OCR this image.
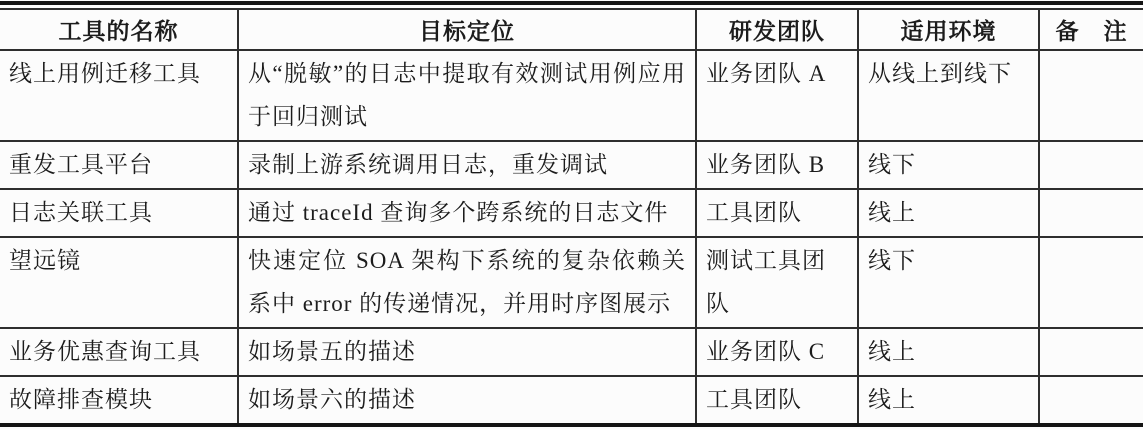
工具的名称	目标定位	研发团队	适用环境	备　注
线上用例迁移工具	从“脱敏”的日志中提取有效测试用例应用于回归测试	业务团队 A	从线上到线下	
重发工具平台	录制上游系统调用日志，重发调试	业务团队 B	线下	
日志关联工具	通过 traceId 查询多个跨系统的日志文件	工具团队	线上	
望远镜	快速定位 SOA 架构下系统的复杂依赖关系中 error 的传递情况，并用时序图展示	测试工具团队	线下	
业务优惠查询工具	如场景五的描述	业务团队 C	线上	
故障排查模块	如场景六的描述	工具团队	线上	
